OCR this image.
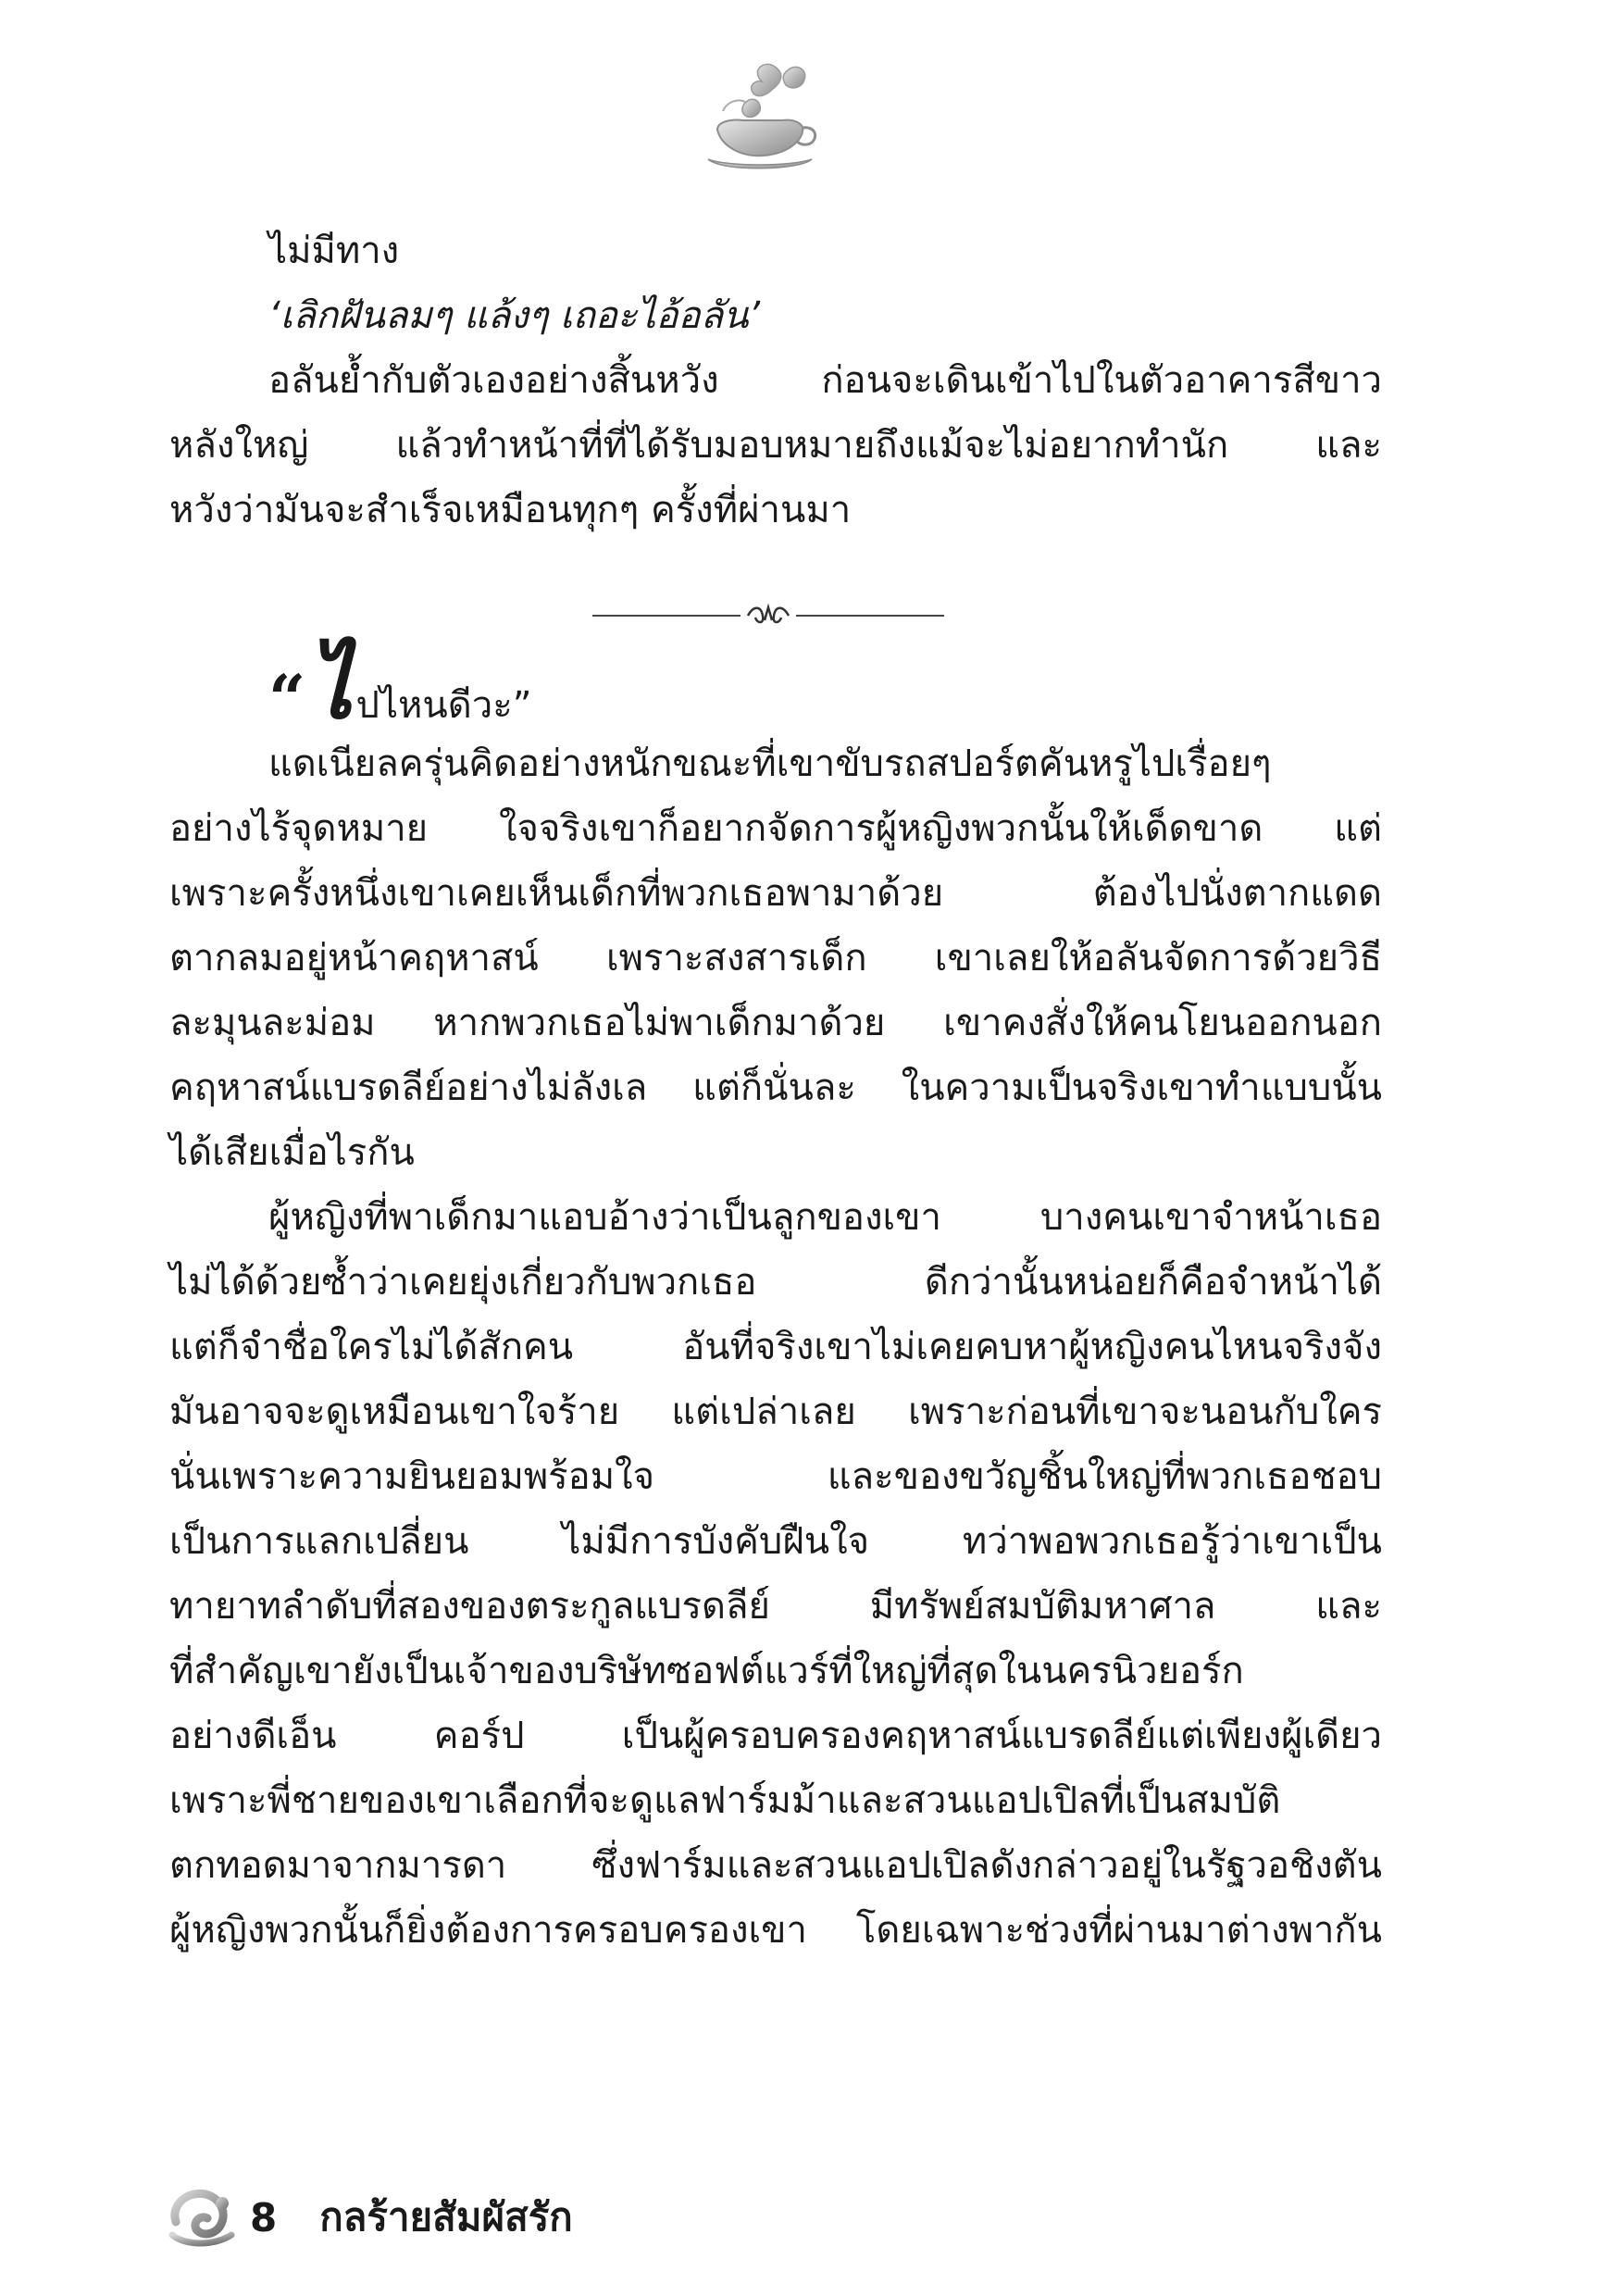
ไม่มีทาง
‘เลิกฝันลมๆ แล้งๆ เถอะไอ้อลัน’
อลันย้ำกับตัวเองอย่างสิ้นหวัง ก่อนจะเดินเข้าไปในตัวอาคารสีขาว
หลังใหญ่ แล้วทำหน้าที่ที่ได้รับมอบหมายถึงแม้จะไม่อยากทำนัก และ
หวังว่ามันจะสำเร็จเหมือนทุกๆ ครั้งที่ผ่านมา
“ ไ ปไหนดีวะ”
แดเนียลครุ่นคิดอย่างหนักขณะที่เขาขับรถสปอร์ตคันหรูไปเรื่อยๆ
อย่างไร้จุดหมาย ใจจริงเขาก็อยากจัดการผู้หญิงพวกนั้นให้เด็ดขาด แต่
เพราะครั้งหนึ่งเขาเคยเห็นเด็กที่พวกเธอพามาด้วย ต้องไปนั่งตากแดด
ตากลมอยู่หน้าคฤหาสน์ เพราะสงสารเด็ก เขาเลยให้อลันจัดการด้วยวิธี
ละมุนละม่อม หากพวกเธอไม่พาเด็กมาด้วย เขาคงสั่งให้คนโยนออกนอก
คฤหาสน์แบรดลีย์อย่างไม่ลังเล แต่ก็นั่นละ ในความเป็นจริงเขาทำแบบนั้น
ได้เสียเมื่อไรกัน
ผู้หญิงที่พาเด็กมาแอบอ้างว่าเป็นลูกของเขา บางคนเขาจำหน้าเธอ
ไม่ได้ด้วยซ้ำว่าเคยยุ่งเกี่ยวกับพวกเธอ ดีกว่านั้นหน่อยก็คือจำหน้าได้
แต่ก็จำชื่อใครไม่ได้สักคน อันที่จริงเขาไม่เคยคบหาผู้หญิงคนไหนจริงจัง
มันอาจจะดูเหมือนเขาใจร้าย แต่เปล่าเลย เพราะก่อนที่เขาจะนอนกับใคร
นั่นเพราะความยินยอมพร้อมใจ และของขวัญชิ้นใหญ่ที่พวกเธอชอบ
เป็นการแลกเปลี่ยน ไม่มีการบังคับฝืนใจ ทว่าพอพวกเธอรู้ว่าเขาเป็น
ทายาทลำดับที่สองของตระกูลแบรดลีย์ มีทรัพย์สมบัติมหาศาล และ
ที่สำคัญเขายังเป็นเจ้าของบริษัทซอฟต์แวร์ที่ใหญ่ที่สุดในนครนิวยอร์ก
อย่างดีเอ็น คอร์ป เป็นผู้ครอบครองคฤหาสน์แบรดลีย์แต่เพียงผู้เดียว
เพราะพี่ชายของเขาเลือกที่จะดูแลฟาร์มม้าและสวนแอปเปิลที่เป็นสมบัติ
ตกทอดมาจากมารดา ซึ่งฟาร์มและสวนแอปเปิลดังกล่าวอยู่ในรัฐวอชิงตัน
ผู้หญิงพวกนั้นก็ยิ่งต้องการครอบครองเขา โดยเฉพาะช่วงที่ผ่านมาต่างพากัน
8 กลร้ายสัมผัสรัก
